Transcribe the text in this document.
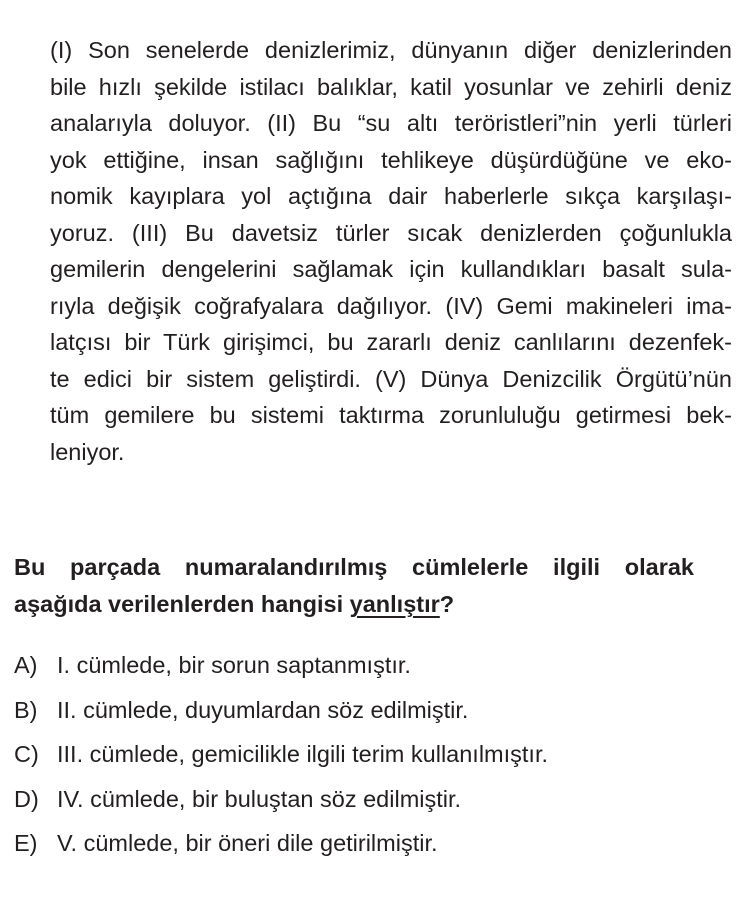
(I) Son senelerde denizlerimiz, dünyanın diğer denizlerinden
bile hızlı şekilde istilacı balıklar, katil yosunlar ve zehirli deniz
analarıyla doluyor. (II) Bu “su altı teröristleri”nin yerli türleri
yok ettiğine, insan sağlığını tehlikeye düşürdüğüne ve eko-
nomik kayıplara yol açtığına dair haberlerle sıkça karşılaşı-
yoruz. (III) Bu davetsiz türler sıcak denizlerden çoğunlukla
gemilerin dengelerini sağlamak için kullandıkları basalt sula-
rıyla değişik coğrafyalara dağılıyor. (IV) Gemi makineleri ima-
latçısı bir Türk girişimci, bu zararlı deniz canlılarını dezenfek-
te edici bir sistem geliştirdi. (V) Dünya Denizcilik Örgütü’nün
tüm gemilere bu sistemi taktırma zorunluluğu getirmesi bek-
leniyor.
Bu parçada numaralandırılmış cümlelerle ilgili olarak
aşağıda verilenlerden hangisi yanlıştır?
A) I. cümlede, bir sorun saptanmıştır.
B) II. cümlede, duyumlardan söz edilmiştir.
C) III. cümlede, gemicilikle ilgili terim kullanılmıştır.
D) IV. cümlede, bir buluştan söz edilmiştir.
E) V. cümlede, bir öneri dile getirilmiştir.
